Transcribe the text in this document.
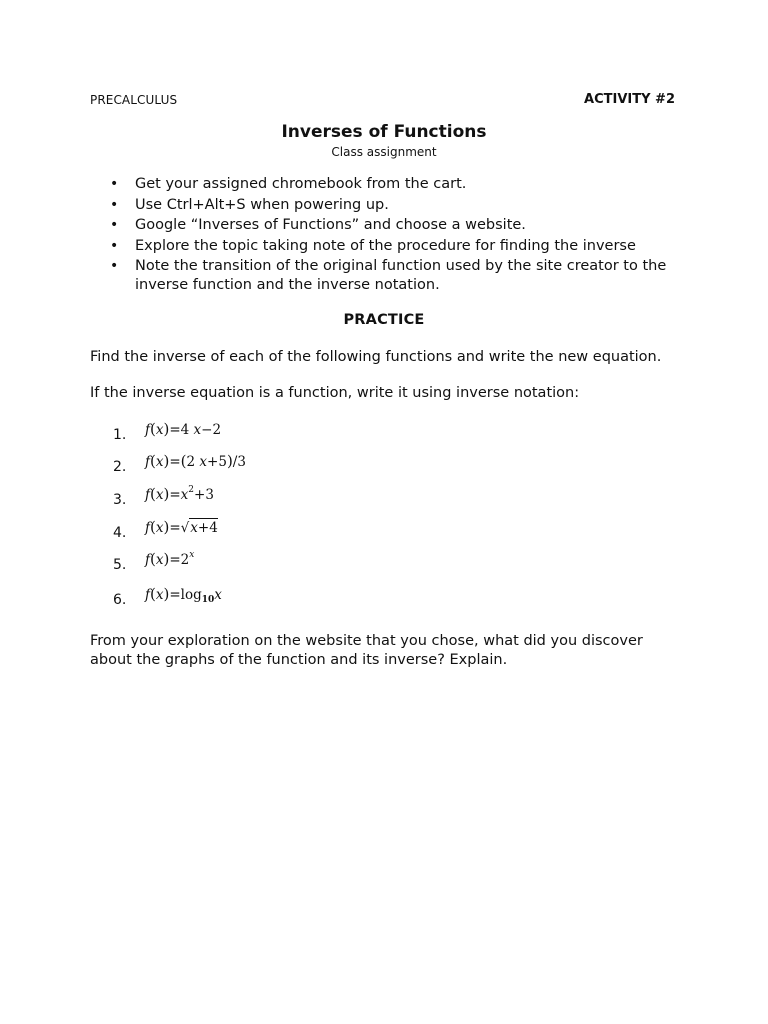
PRECALCULUS	ACTIVITY #2
Inverses of Functions
Class assignment
• Get your assigned chromebook from the cart.
• Use Ctrl+Alt+S when powering up.
• Google “Inverses of Functions” and choose a website.
• Explore the topic taking note of the procedure for finding the inverse
• Note the transition of the original function used by the site creator to the inverse function and the inverse notation.
PRACTICE

Find the inverse of each of the following functions and write the new equation.

If the inverse equation is a function, write it using inverse notation:

1. f(x)=4 x−2
2. f(x)=(2 x+5)/3
3. $f(x)=x^2+3$
4. f(x)=√x+4
5. $f(x)=2^x$
6. $f(x)=\log_{10}x$

From your exploration on the website that you chose, what did you discover about the graphs of the function and its inverse? Explain.
